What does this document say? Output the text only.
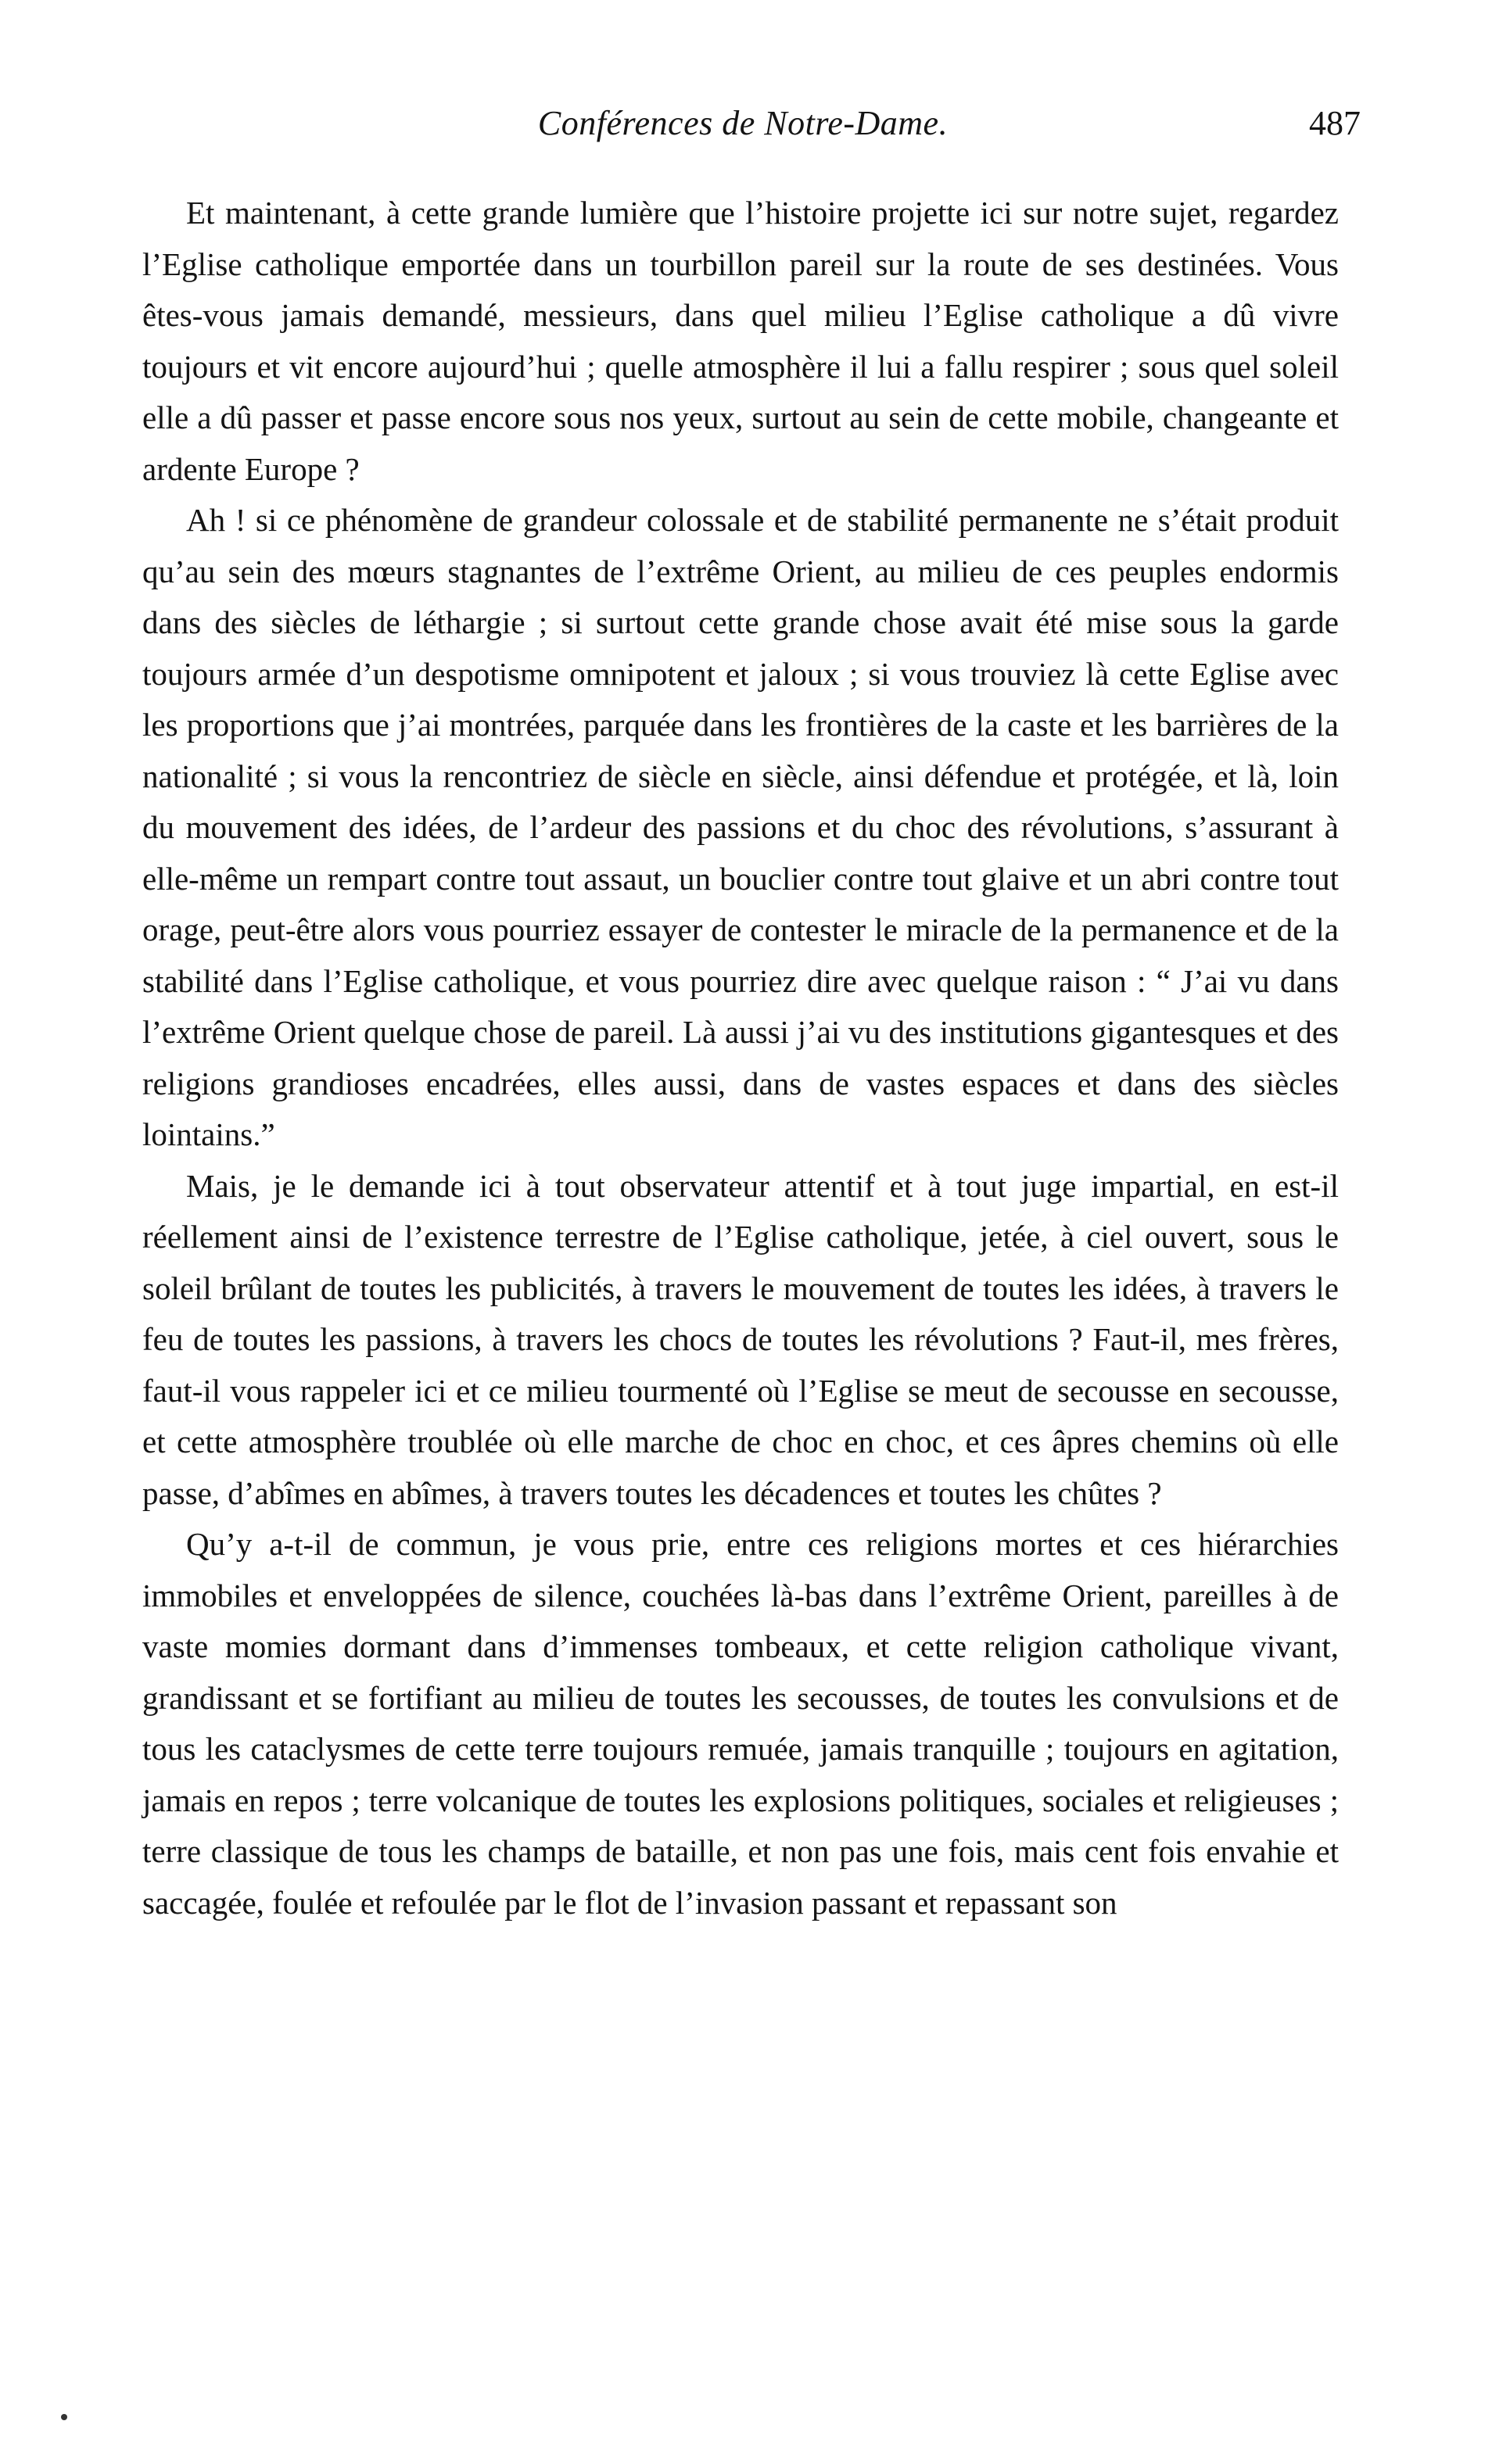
Conférences de Notre-Dame.	487

Et maintenant, à cette grande lumière que l’histoire projette ici sur notre sujet, regardez l’Eglise catholique emportée dans un tourbillon pareil sur la route de ses destinées. Vous êtes-vous jamais demandé, messieurs, dans quel milieu l’Eglise catholique a dû vivre toujours et vit encore aujourd’hui ; quelle atmosphère il lui a fallu respirer ; sous quel soleil elle a dû passer et passe encore sous nos yeux, surtout au sein de cette mobile, changeante et ardente Europe ?

Ah ! si ce phénomène de grandeur colossale et de stabilité permanente ne s’était produit qu’au sein des mœurs stagnantes de l’extrême Orient, au milieu de ces peuples endormis dans des siècles de léthargie ; si surtout cette grande chose avait été mise sous la garde toujours armée d’un despotisme omnipotent et jaloux ; si vous trouviez là cette Eglise avec les proportions que j’ai montrées, parquée dans les frontières de la caste et les barrières de la nationalité ; si vous la rencontriez de siècle en siècle, ainsi défendue et protégée, et là, loin du mouvement des idées, de l’ardeur des passions et du choc des révolutions, s’assurant à elle-même un rempart contre tout assaut, un bouclier contre tout glaive et un abri contre tout orage, peut-être alors vous pourriez essayer de contester le miracle de la permanence et de la stabilité dans l’Eglise catholique, et vous pourriez dire avec quelque raison : “ J’ai vu dans l’extrême Orient quelque chose de pareil. Là aussi j’ai vu des institutions gigantesques et des religions grandioses encadrées, elles aussi, dans de vastes espaces et dans des siècles lointains.”

Mais, je le demande ici à tout observateur attentif et à tout juge impartial, en est-il réellement ainsi de l’existence terrestre de l’Eglise catholique, jetée, à ciel ouvert, sous le soleil brûlant de toutes les publicités, à travers le mouvement de toutes les idées, à travers le feu de toutes les passions, à travers les chocs de toutes les révolutions ? Faut-il, mes frères, faut-il vous rappeler ici et ce milieu tourmenté où l’Eglise se meut de secousse en secousse, et cette atmosphère troublée où elle marche de choc en choc, et ces âpres chemins où elle passe, d’abîmes en abîmes, à travers toutes les décadences et toutes les chûtes ?

Qu’y a-t-il de commun, je vous prie, entre ces religions mortes et ces hiérarchies immobiles et enveloppées de silence, couchées là-bas dans l’extrême Orient, pareilles à de vaste momies dormant dans d’immenses tombeaux, et cette religion catholique vivant, grandissant et se fortifiant au milieu de toutes les secousses, de toutes les convulsions et de tous les cataclysmes de cette terre toujours remuée, jamais tranquille ; toujours en agitation, jamais en repos ; terre volcanique de toutes les explosions politiques, sociales et religieuses ; terre classique de tous les champs de bataille, et non pas une fois, mais cent fois envahie et saccagée, foulée et refoulée par le flot de l’invasion passant et repassant son
